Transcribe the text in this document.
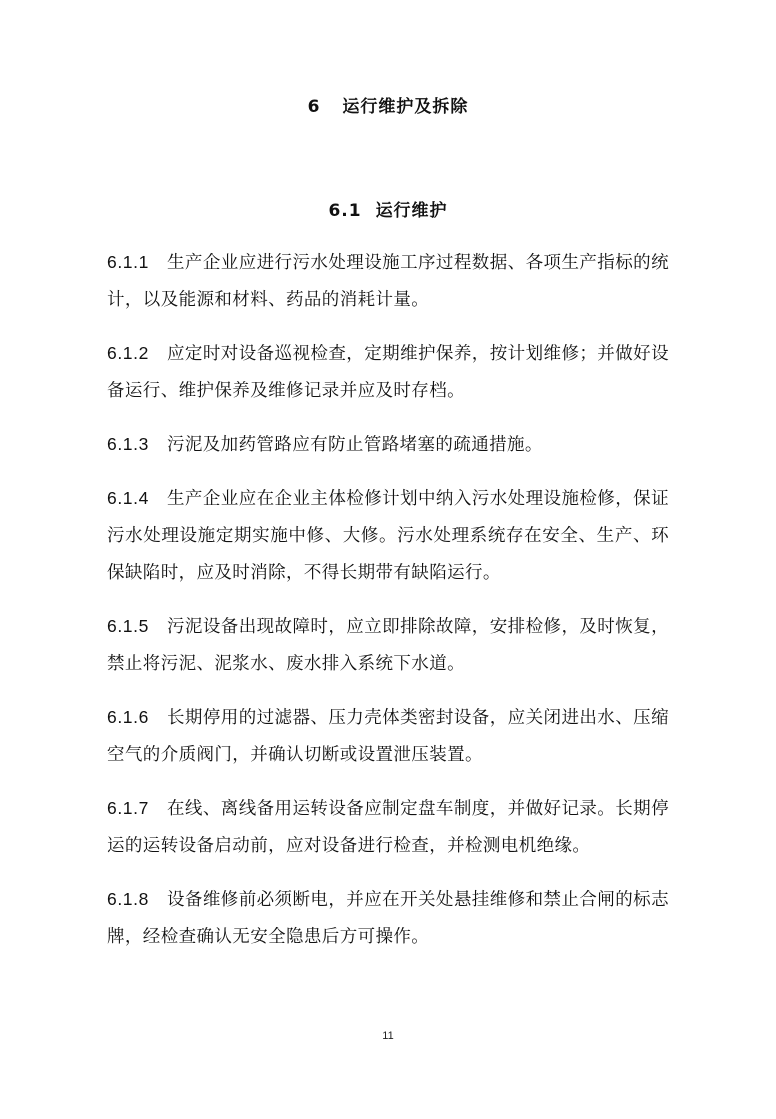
6 运行维护及拆除
6.1 运行维护

6.1.1 生产企业应进行污水处理设施工序过程数据、各项生产指标的统计，以及能源和材料、药品的消耗计量。

6.1.2 应定时对设备巡视检查，定期维护保养，按计划维修；并做好设备运行、维护保养及维修记录并应及时存档。

6.1.3 污泥及加药管路应有防止管路堵塞的疏通措施。

6.1.4 生产企业应在企业主体检修计划中纳入污水处理设施检修，保证污水处理设施定期实施中修、大修。污水处理系统存在安全、生产、环保缺陷时，应及时消除，不得长期带有缺陷运行。

6.1.5 污泥设备出现故障时，应立即排除故障，安排检修，及时恢复，禁止将污泥、泥浆水、废水排入系统下水道。

6.1.6 长期停用的过滤器、压力壳体类密封设备，应关闭进出水、压缩空气的介质阀门，并确认切断或设置泄压装置。

6.1.7 在线、离线备用运转设备应制定盘车制度，并做好记录。长期停运的运转设备启动前，应对设备进行检查，并检测电机绝缘。

6.1.8 设备维修前必须断电，并应在开关处悬挂维修和禁止合闸的标志牌，经检查确认无安全隐患后方可操作。

11
